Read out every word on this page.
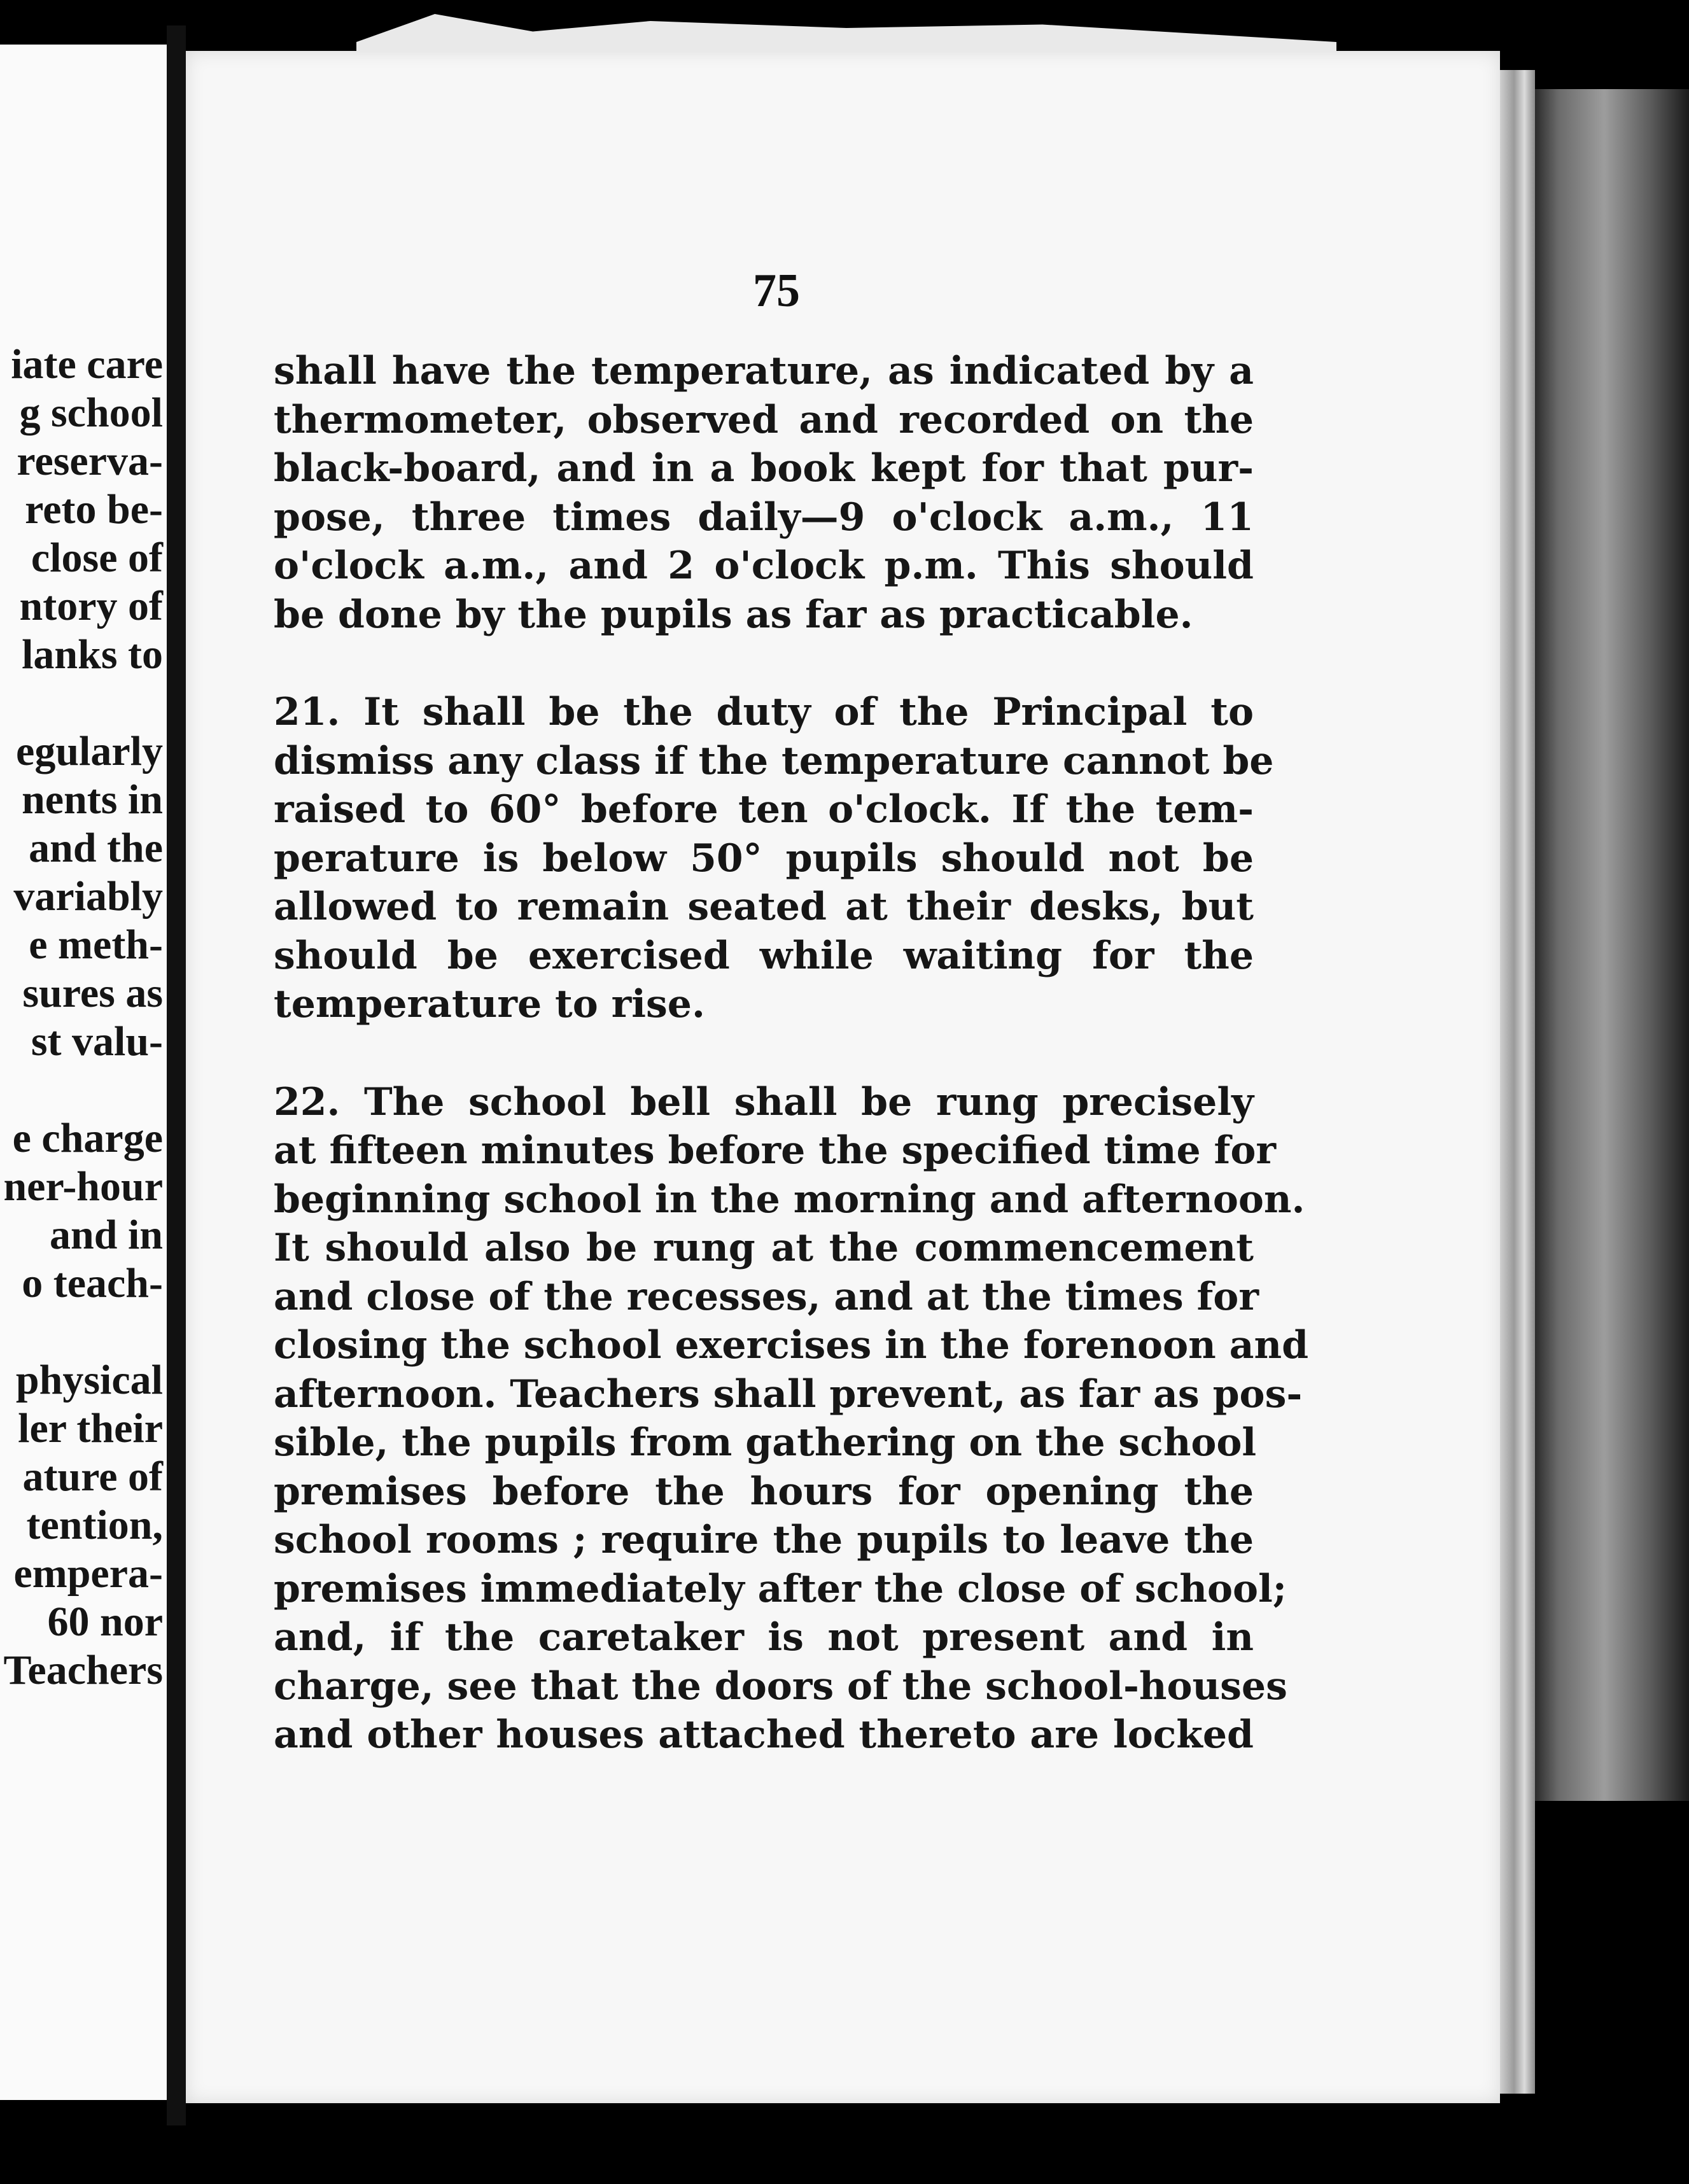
iate care
g school
reserva-
reto be-
close of
ntory of
lanks to
egularly
nents in
and the
variably
e meth-
sures as
st valu-
e charge
ner-hour
and in
o teach-
physical
ler their
ature of
tention,
empera-
60 nor
Teachers
75

shall have the temperature, as indicated by a
thermometer, observed and recorded on the
black-board, and in a book kept for that pur-
pose, three times daily—9 o'clock a.m., 11
o'clock a.m., and 2 o'clock p.m. This should
be done by the pupils as far as practicable.

21. It shall be the duty of the Principal to
dismiss any class if the temperature cannot be
raised to 60° before ten o'clock. If the tem-
perature is below 50° pupils should not be
allowed to remain seated at their desks, but
should be exercised while waiting for the
temperature to rise.

22. The school bell shall be rung precisely
at fifteen minutes before the specified time for
beginning school in the morning and afternoon.
It should also be rung at the commencement
and close of the recesses, and at the times for
closing the school exercises in the forenoon and
afternoon. Teachers shall prevent, as far as pos-
sible, the pupils from gathering on the school
premises before the hours for opening the
school rooms ; require the pupils to leave the
premises immediately after the close of school;
and, if the caretaker is not present and in
charge, see that the doors of the school-houses
and other houses attached thereto are locked
